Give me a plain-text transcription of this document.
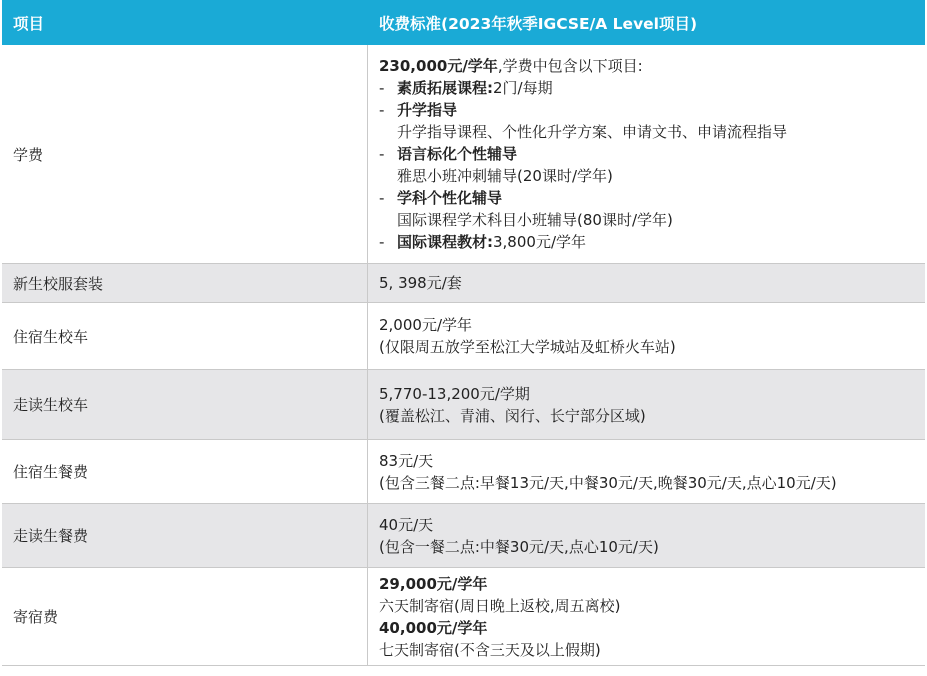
项目	收费标准(2023年秋季IGCSE/A Level项目)
学费
230,000元/学年,学费中包含以下项目:
- 素质拓展课程: 2门/每期
- 升学指导
升学指导课程、个性化升学方案、申请文书、申请流程指导
- 语言标化个性辅导
雅思小班冲刺辅导(20课时/学年)
- 学科个性化辅导
国际课程学术科目小班辅导(80课时/学年)
- 国际课程教材: 3,800元/学年
新生校服套装	5, 398元/套
住宿生校车
2,000元/学年
(仅限周五放学至松江大学城站及虹桥火车站)
走读生校车
5,770-13,200元/学期
(覆盖松江、青浦、闵行、长宁部分区域)
住宿生餐费
83元/天
(包含三餐二点:早餐13元/天,中餐30元/天,晚餐30元/天,点心10元/天)
走读生餐费
40元/天
(包含一餐二点:中餐30元/天,点心10元/天)
寄宿费
29,000元/学年
六天制寄宿(周日晚上返校,周五离校)
40,000元/学年
七天制寄宿(不含三天及以上假期)
